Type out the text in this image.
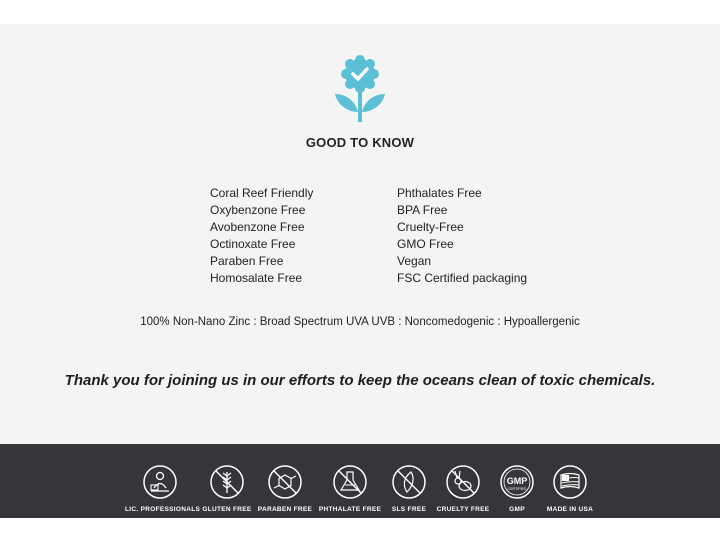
GOOD TO KNOW
Coral Reef Friendly
Oxybenzone Free
Avobenzone Free
Octinoxate Free
Paraben Free
Homosalate Free
Phthalates Free
BPA Free
Cruelty-Free
GMO Free
Vegan
FSC Certified packaging
100% Non-Nano Zinc : Broad Spectrum UVA UVB : Noncomedogenic : Hypoallergenic
Thank you for joining us in our efforts to keep the oceans clean of toxic chemicals.
LIC. PROFESSIONALS GLUTEN FREE PARABEN FREE	PHTHALATE FREE	SLS FREE	CRUELTY FREE
GMP
CERTIFIED
GMP	MADE IN USA
